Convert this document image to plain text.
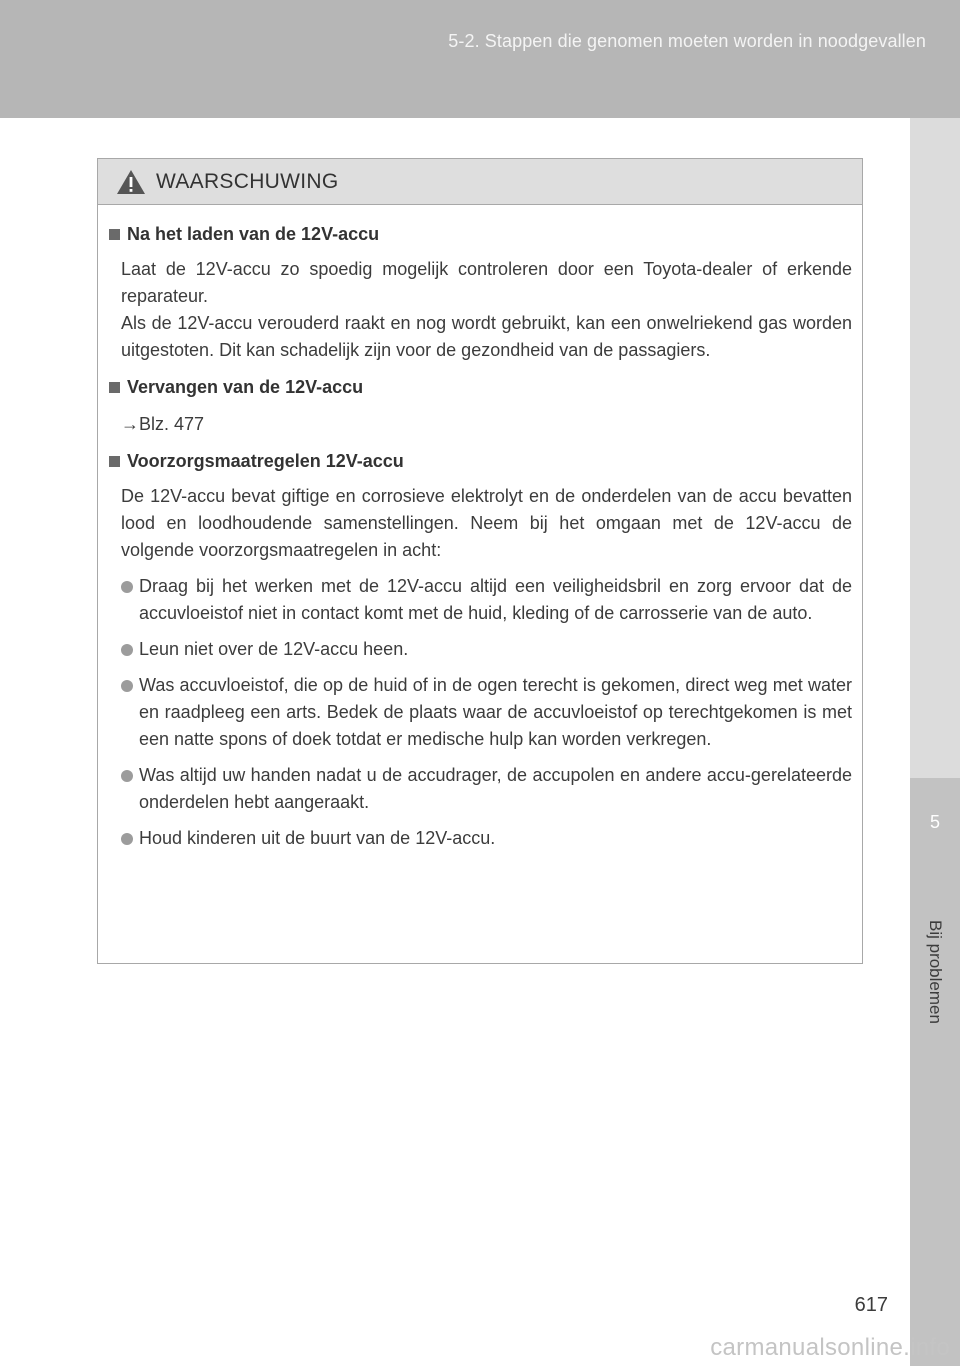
5-2. Stappen die genomen moeten worden in noodgevallen
5
Bij problemen
WAARSCHUWING
Na het laden van de 12V-accu
Laat de 12V-accu zo spoedig mogelijk controleren door een Toyota-dealer of erkende reparateur.
Als de 12V-accu verouderd raakt en nog wordt gebruikt, kan een onwelriekend gas worden uitgestoten. Dit kan schadelijk zijn voor de gezondheid van de passagiers.
Vervangen van de 12V-accu
→Blz. 477
Voorzorgsmaatregelen 12V-accu
De 12V-accu bevat giftige en corrosieve elektrolyt en de onderdelen van de accu bevatten lood en loodhoudende samenstellingen. Neem bij het omgaan met de 12V-accu de volgende voorzorgsmaatregelen in acht:
Draag bij het werken met de 12V-accu altijd een veiligheidsbril en zorg ervoor dat de accuvloeistof niet in contact komt met de huid, kleding of de carrosserie van de auto.
Leun niet over de 12V-accu heen.
Was accuvloeistof, die op de huid of in de ogen terecht is gekomen, direct weg met water en raadpleeg een arts. Bedek de plaats waar de accuvloeistof op terechtgekomen is met een natte spons of doek totdat er medische hulp kan worden verkregen.
Was altijd uw handen nadat u de accudrager, de accupolen en andere accu-gerelateerde onderdelen hebt aangeraakt.
Houd kinderen uit de buurt van de 12V-accu.
617
carmanualsonline.info
